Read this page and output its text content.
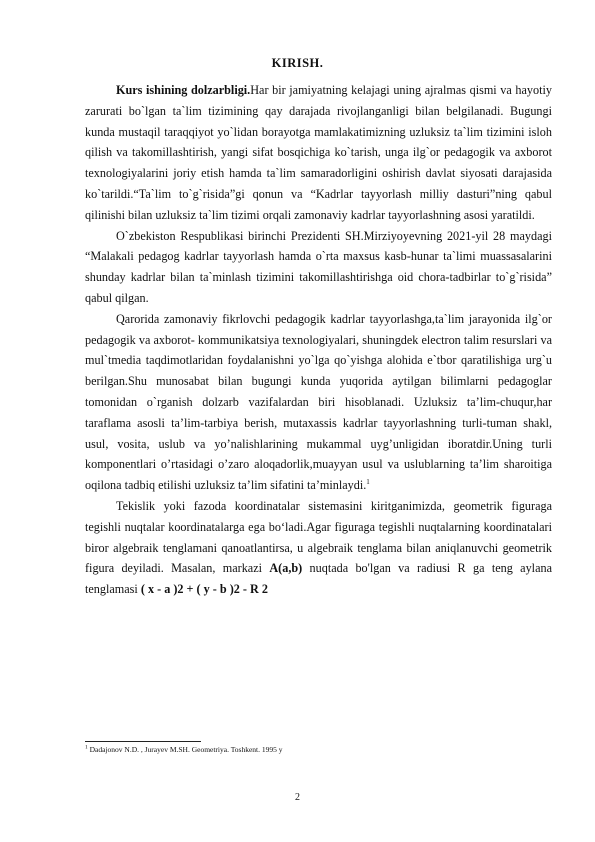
KIRISH.

Kurs ishining dolzarbligi.Har bir jamiyatning kelajagi uning ajralmas qismi va hayotiy zarurati bo`lgan ta`lim tizimining qay darajada rivojlanganligi bilan belgilanadi. Bugungi kunda mustaqil taraqqiyot yo`lidan borayotga mamlakatimizning uzluksiz ta`lim tizimini isloh qilish va takomillashtirish, yangi sifat bosqichiga ko`tarish, unga ilg`or pedagogik va axborot texnologiyalarini joriy etish hamda ta`lim samaradorligini oshirish davlat siyosati darajasida ko`tarildi.“Ta`lim to`g`risida”gi qonun va “Kadrlar tayyorlash milliy dasturi”ning qabul qilinishi bilan uzluksiz ta`lim tizimi orqali zamonaviy kadrlar tayyorlashning asosi yaratildi.

O`zbekiston Respublikasi birinchi Prezidenti SH.Mirziyoyevning 2021-yil 28 maydagi “Malakali pedagog kadrlar tayyorlash hamda o`rta maxsus kasb-hunar ta`limi muassasalarini shunday kadrlar bilan ta`minlash tizimini takomillashtirishga oid chora-tadbirlar to`g`risida” qabul qilgan.

Qarorida zamonaviy fikrlovchi pedagogik kadrlar tayyorlashga,ta`lim jarayonida ilg`or pedagogik va axborot- kommunikatsiya texnologiyalari, shuningdek electron talim resurslari va mul`tmedia taqdimotlaridan foydalanishni yo`lga qo`yishga alohida e`tbor qaratilishiga urg`u berilgan.Shu munosabat bilan bugungi kunda yuqorida aytilgan bilimlarni pedagoglar tomonidan o`rganish dolzarb vazifalardan biri hisoblanadi. Uzluksiz ta’lim-chuqur,har taraflama asosli ta’lim-tarbiya berish, mutaxassis kadrlar tayyorlashning turli-tuman shakl, usul, vosita, uslub va yo’nalishlarining mukammal uyg’unligidan iboratdir.Uning turli komponentlari o’rtasidagi o’zaro aloqadorlik,muayyan usul va uslublarning ta’lim sharoitiga oqilona tadbiq etilishi uzluksiz ta’lim sifatini ta’minlaydi.$^1$

Tekislik yoki fazoda koordinatalar sistemasini kiritganimizda, geometrik figuraga tegishli nuqtalar koordinatalarga ega bo‘ladi.Agar figuraga tegishli nuqtalarning koordinatalari biror algebraik tenglamani qanoatlantirsa, u algebraik tenglama bilan aniqlanuvchi geometrik figura deyiladi. Masalan, markazi A(a,b) nuqtada bo'lgan va radiusi R ga teng aylana tenglamasi ( x - a )2 + ( y - b )2 - R 2

$^1$ Dadajonov N.D. , Jurayev M.SH. Geometriya. Toshkent. 1995 y
2
